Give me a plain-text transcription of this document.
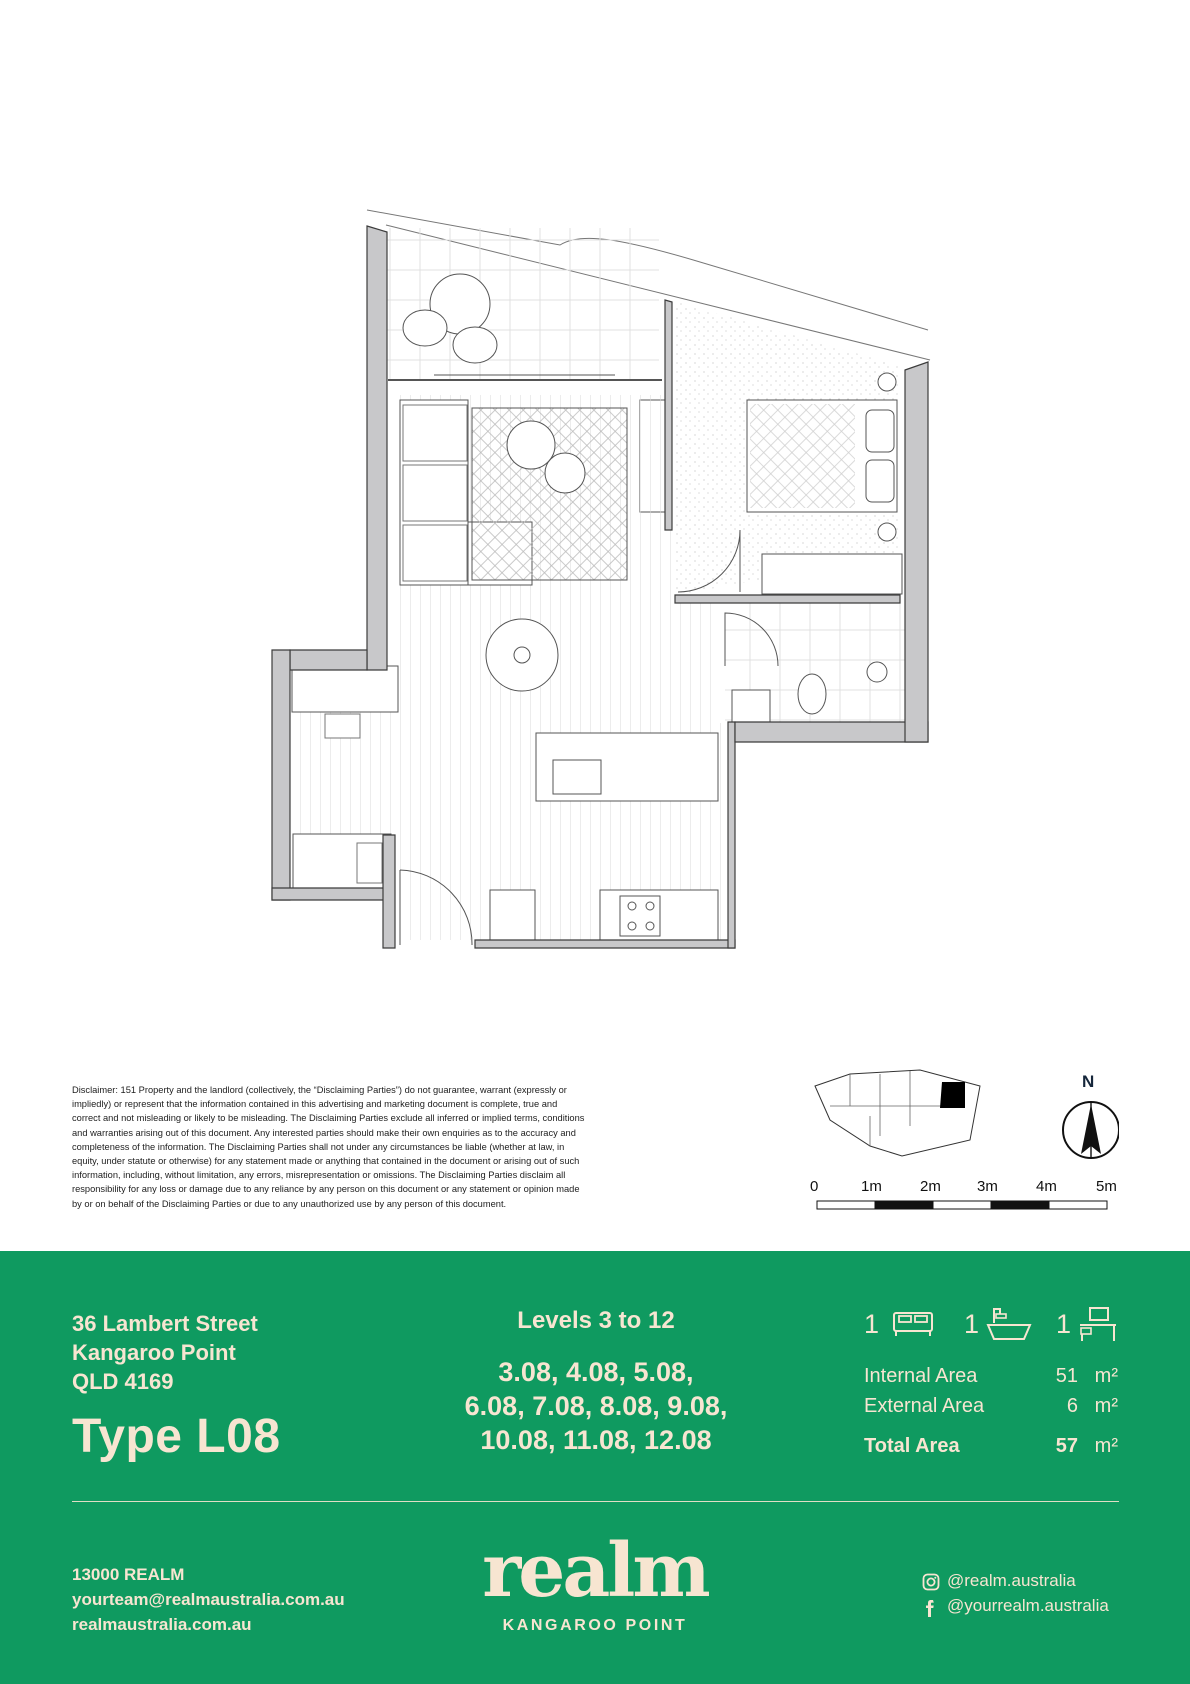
Disclaimer: 151 Property and the landlord (collectively, the “Disclaiming Parties”) do not guarantee, warrant (expressly or
impliedly) or represent that the information contained in this advertising and marketing document is complete, true and
correct and not misleading or likely to be misleading. The Disclaiming Parties exclude all inferred or implied terms, conditions
and warranties arising out of this document. Any interested parties should make their own enquiries as to the accuracy and
completeness of the information. The Disclaiming Parties shall not under any circumstances be liable (whether at law, in
equity, under statute or otherwise) for any statement made or anything that contained in the document or arising out of such
information, including, without limitation, any errors, misrepresentation or omissions. The Disclaiming Parties disclaim all
responsibility for any loss or damage due to any reliance by any person on this document or any statement or opinion made
by or on behalf of the Disclaiming Parties or due to any unauthorized use by any person of this document.

N
0	1m	2m 3m	4m	5m
36 Lambert Street
Kangaroo Point
QLD 4169
Type L08
Levels 3 to 12
3.08, 4.08, 5.08,
6.08, 7.08, 8.08, 9.08,
10.08, 11.08, 12.08
1	1	1
Internal Area	51 m²
External Area	6 m²
Total Area	57 m²
13000 REALM
yourteam@realmaustralia.com.au
realmaustralia.com.au
realm
KANGAROO POINT
@realm.australia
@yourrealm.australia
